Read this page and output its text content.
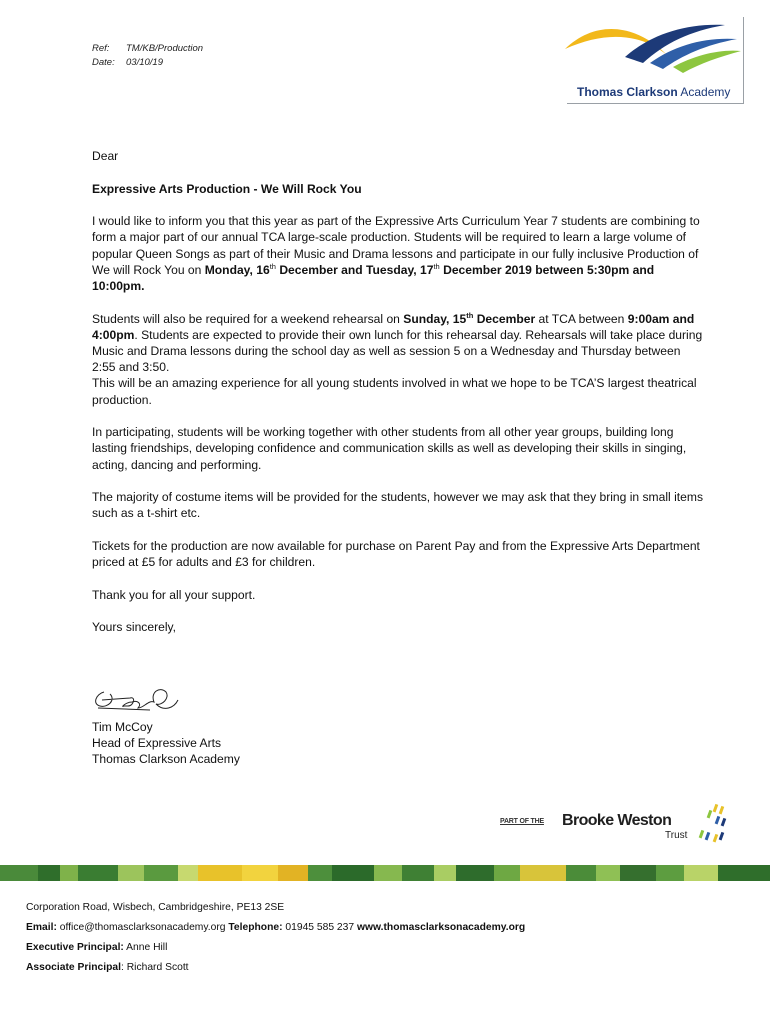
Ref: TM/KB/Production
Date: 03/10/19
Thomas Clarkson Academy

Dear

Expressive Arts Production - We Will Rock You

I would like to inform you that this year as part of the Expressive Arts Curriculum Year 7 students are combining to form a major part of our annual TCA large-scale production. Students will be required to learn a large volume of popular Queen Songs as part of their Music and Drama lessons and participate in our fully inclusive Production of We will Rock You on Monday, 16th December and Tuesday, 17th December 2019 between 5:30pm and 10:00pm.

Students will also be required for a weekend rehearsal on Sunday, 15th December at TCA between 9:00am and 4:00pm. Students are expected to provide their own lunch for this rehearsal day. Rehearsals will take place during Music and Drama lessons during the school day as well as session 5 on a Wednesday and Thursday between 2:55 and 3:50.
This will be an amazing experience for all young students involved in what we hope to be TCA’S largest theatrical production.

In participating, students will be working together with other students from all other year groups, building long lasting friendships, developing confidence and communication skills as well as developing their skills in singing, acting, dancing and performing.

The majority of costume items will be provided for the students, however we may ask that they bring in small items such as a t-shirt etc.

Tickets for the production are now available for purchase on Parent Pay and from the Expressive Arts Department priced at £5 for adults and £3 for children.

Thank you for all your support.

Yours sincerely,

Tim McCoy
Head of Expressive Arts
Thomas Clarkson Academy
PART OF THE Brooke Weston
Trust
Corporation Road, Wisbech, Cambridgeshire, PE13 2SE
Email: office@thomasclarksonacademy.org Telephone: 01945 585 237 www.thomasclarksonacademy.org
Executive Principal: Anne Hill
Associate Principal: Richard Scott
